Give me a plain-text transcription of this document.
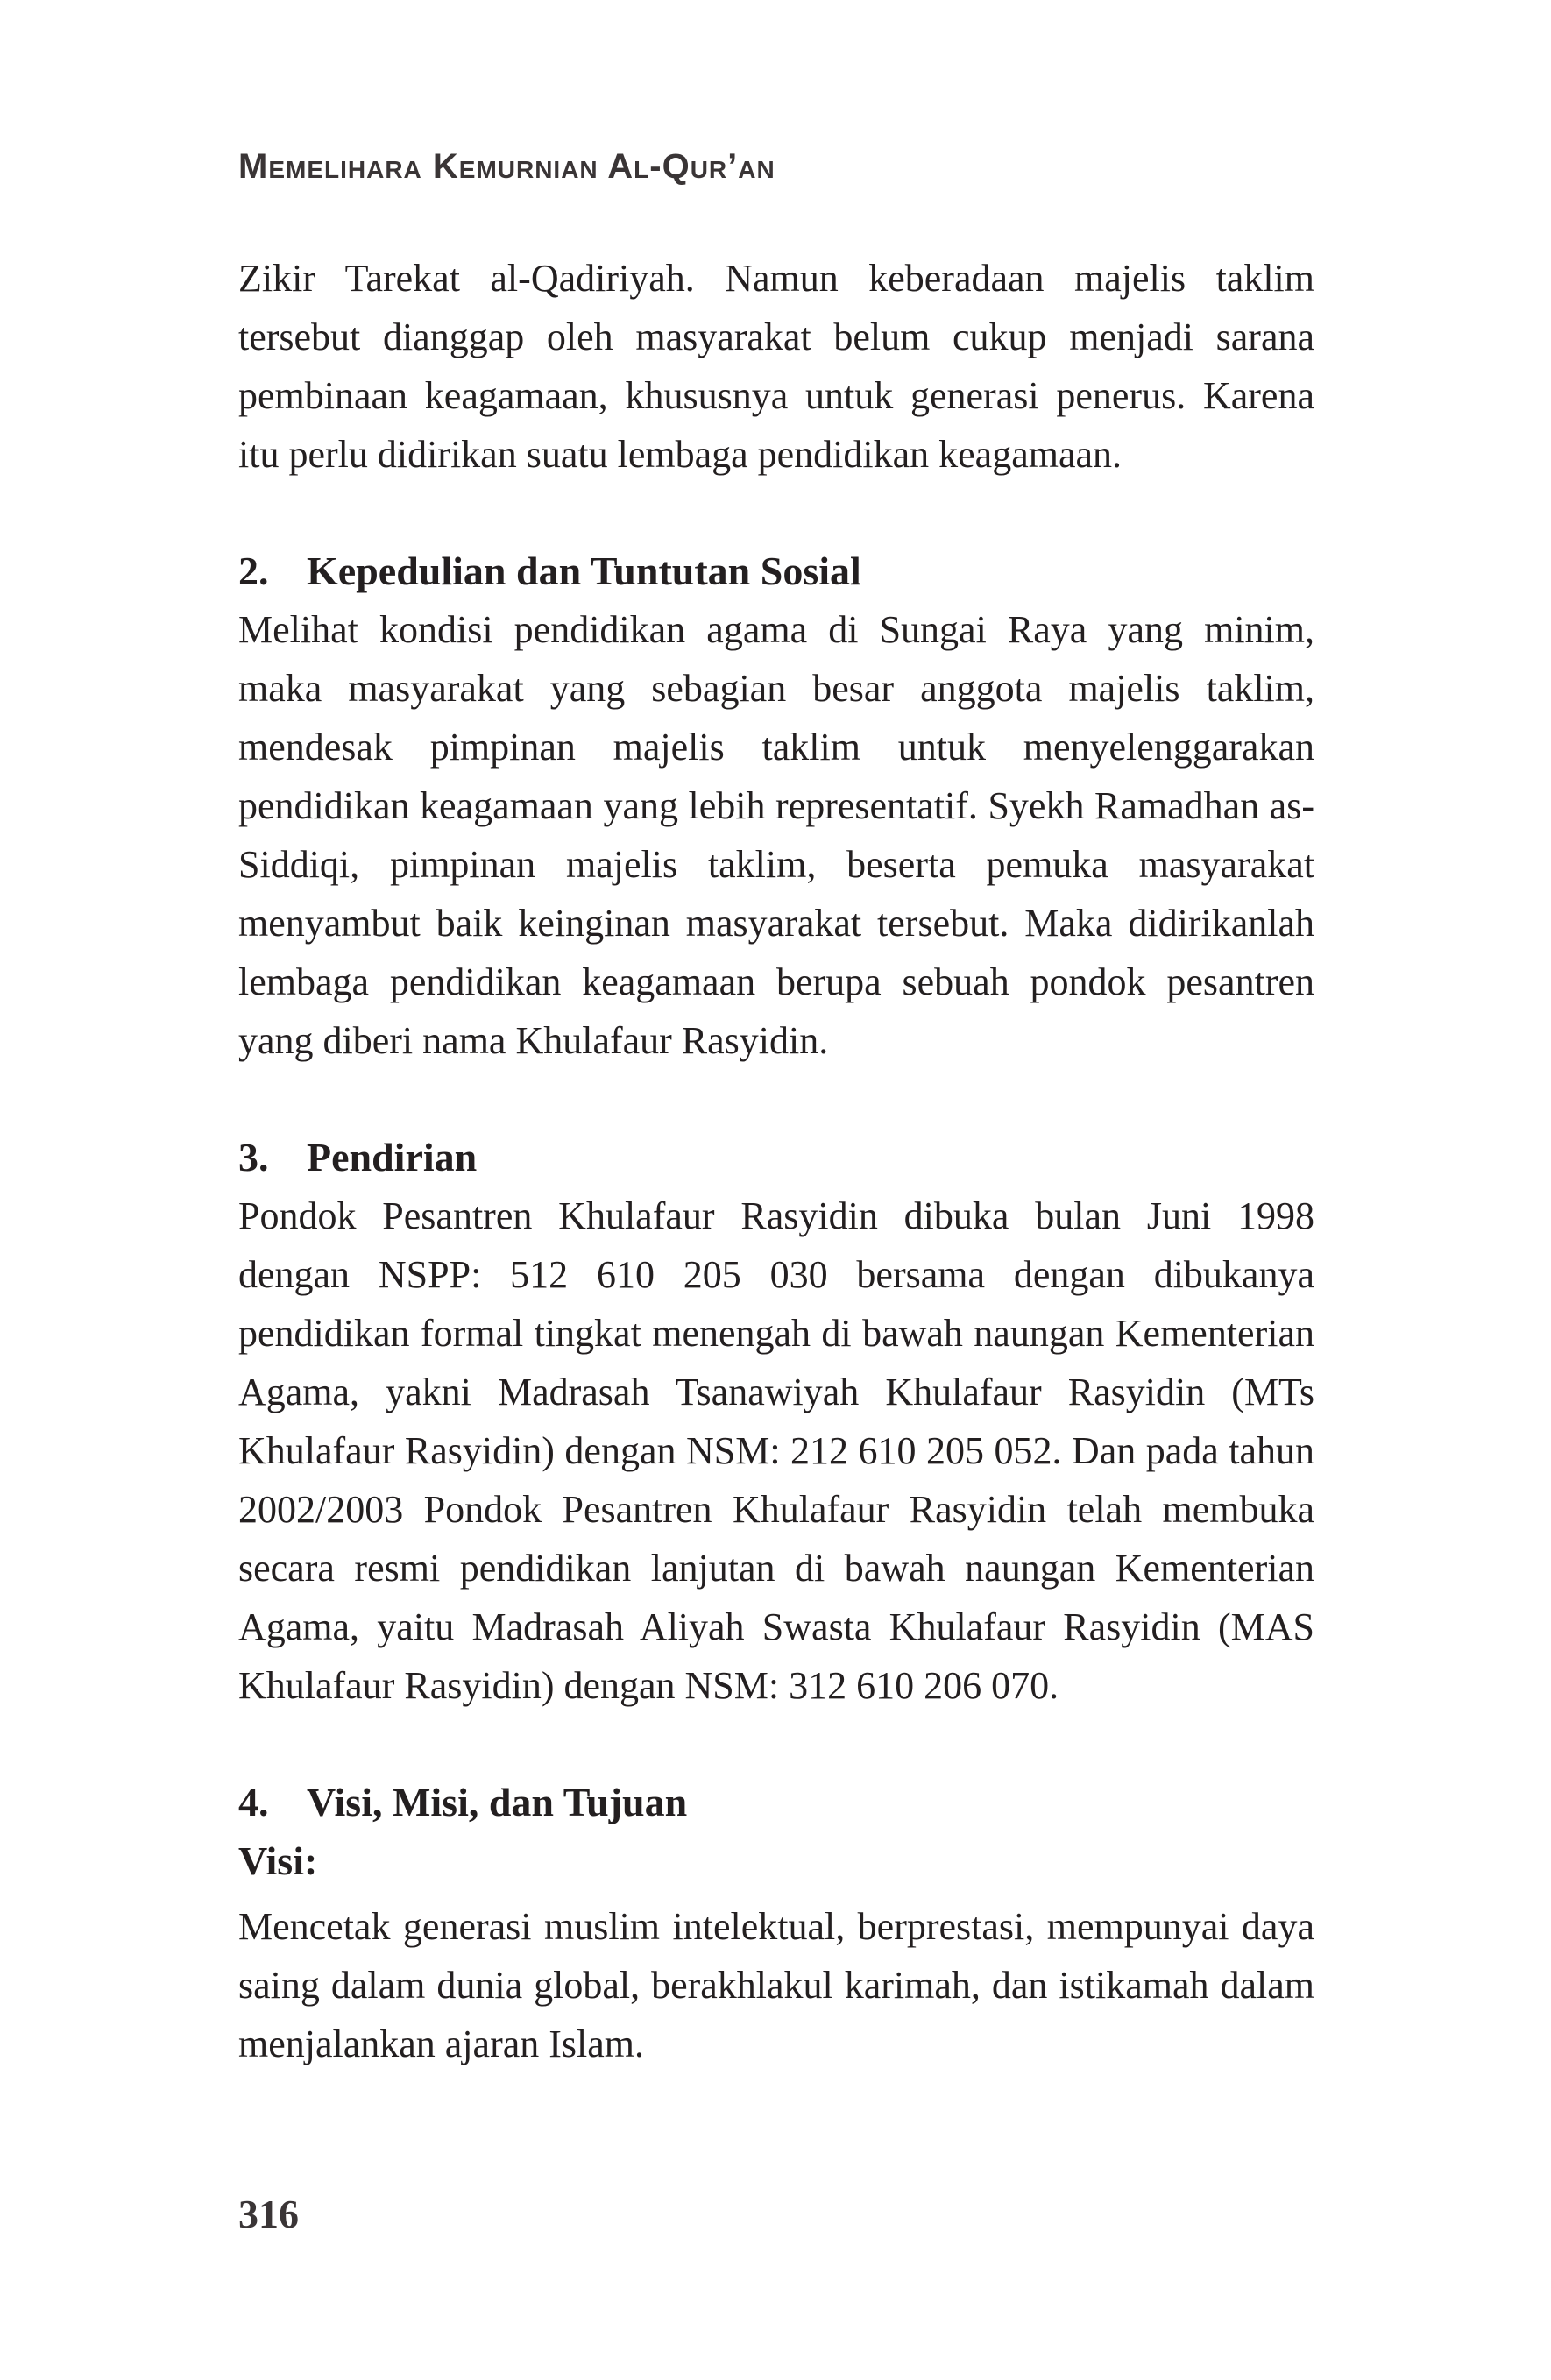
Memelihara Kemurnian Al-Qur’an

Zikir Tarekat al-Qadiriyah. Namun keberadaan majelis taklim tersebut dianggap oleh masyarakat belum cukup menjadi sarana pembinaan keagamaan, khususnya untuk generasi penerus. Karena itu perlu didirikan suatu lembaga pendidikan keagamaan.

2. Kepedulian dan Tuntutan Sosial

Melihat kondisi pendidikan agama di Sungai Raya yang minim, maka masyarakat yang sebagian besar anggota majelis taklim, mendesak pimpinan majelis taklim untuk menyelenggarakan pendidikan keagamaan yang lebih representatif. Syekh Ramadhan as-Siddiqi, pimpinan majelis taklim, beserta pemuka masyarakat menyambut baik keinginan masyarakat tersebut. Maka didirikanlah lembaga pendidikan keagamaan berupa sebuah pondok pesantren yang diberi nama Khulafaur Rasyidin.

3. Pendirian

Pondok Pesantren Khulafaur Rasyidin dibuka bulan Juni 1998 dengan NSPP: 512 610 205 030 bersama dengan dibukanya pendidikan formal tingkat menengah di bawah naungan Kementerian Agama, yakni Madrasah Tsanawiyah Khulafaur Rasyidin (MTs Khulafaur Rasyidin) dengan NSM: 212 610 205 052. Dan pada tahun 2002/2003 Pondok Pesantren Khulafaur Rasyidin telah membuka secara resmi pendidikan lanjutan di bawah naungan Kementerian Agama, yaitu Madrasah Aliyah Swasta Khulafaur Rasyidin (MAS Khulafaur Rasyidin) dengan NSM: 312 610 206 070.

4. Visi, Misi, dan Tujuan
Visi:

Mencetak generasi muslim intelektual, berprestasi, mempunyai daya saing dalam dunia global, berakhlakul karimah, dan istikamah dalam menjalankan ajaran Islam.

316
